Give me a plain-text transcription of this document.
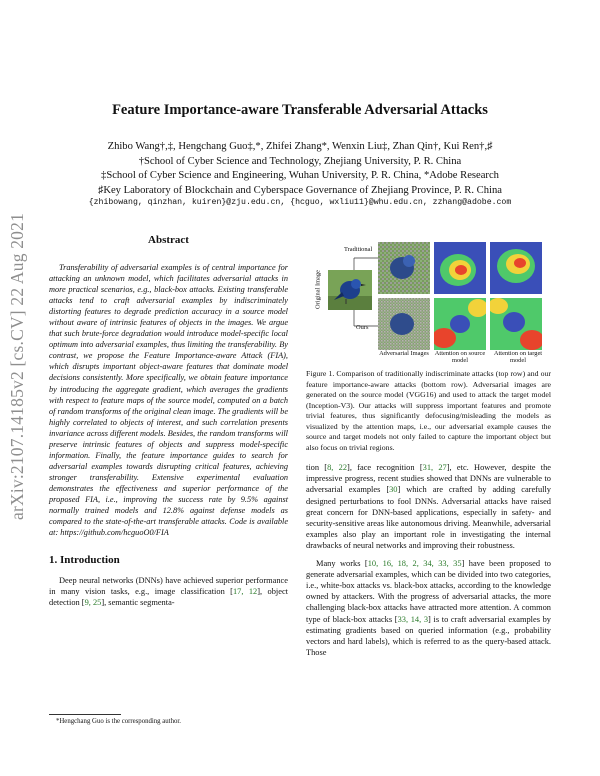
arXiv:2107.14185v2 [cs.CV] 22 Aug 2021
Feature Importance-aware Transferable Adversarial Attacks
Zhibo Wang†,‡, Hengchang Guo‡,*, Zhifei Zhang*, Wenxin Liu‡, Zhan Qin†, Kui Ren†,♯
†School of Cyber Science and Technology, Zhejiang University, P. R. China
‡School of Cyber Science and Engineering, Wuhan University, P. R. China, *Adobe Research
♯Key Laboratory of Blockchain and Cyberspace Governance of Zhejiang Province, P. R. China
{zhibowang, qinzhan, kuiren}@zju.edu.cn, {hcguo, wxliu11}@whu.edu.cn, zzhang@adobe.com
Abstract

Transferability of adversarial examples is of central importance for attacking an unknown model, which facilitates adversarial attacks in more practical scenarios, e.g., black-box attacks. Existing transferable attacks tend to craft adversarial examples by indiscriminately distorting features to degrade prediction accuracy in a source model without aware of intrinsic features of objects in the images. We argue that such brute-force degradation would introduce model-specific local optimum into adversarial examples, thus limiting the transferability. By contrast, we propose the Feature Importance-aware Attack (FIA), which disrupts important object-aware features that dominate model decisions consistently. More specifically, we obtain feature importance by introducing the aggregate gradient, which averages the gradients with respect to feature maps of the source model, computed on a batch of random transforms of the original clean image. The gradients will be highly correlated to objects of interest, and such correlation presents invariance across different models. Besides, the random transforms will preserve intrinsic features of objects and suppress model-specific information. Finally, the feature importance guides to search for adversarial examples towards disrupting critical features, achieving stronger transferability. Extensive experimental evaluation demonstrates the effectiveness and superior performance of the proposed FIA, i.e., improving the success rate by 9.5% against normally trained models and 12.8% against defense models as compared to the state-of-the-art transferable attacks. Code is available at: https://github.com/hcguoO0/FIA

1. Introduction

Deep neural networks (DNNs) have achieved superior performance in many vision tasks, e.g., image classification [17, 12], object detection [9, 25], semantic segmenta-

*Hengchang Guo is the corresponding author.
Traditional
Ours
Original Image
Adversarial Images Attention on source model
Attention on target model

Figure 1. Comparison of traditionally indiscriminate attacks (top row) and our feature importance-aware attacks (bottom row). Adversarial images are generated on the source model (VGG16) and used to attack the target model (Inception-V3). Our attacks will suppress important features and promote trivial features, thus significantly defocusing/misleading the models as visualized by the attention maps, i.e., our adversarial example causes the source and target models not only failed to capture the important object but also focus on trivial regions.

tion [8, 22], face recognition [31, 27], etc. However, despite the impressive progress, recent studies showed that DNNs are vulnerable to adversarial examples [30] which are crafted by adding carefully designed perturbations to fool DNNs. Adversarial attacks have raised great concern for DNN-based applications, especially in safety- and security-sensitive areas like autonomous driving. Meanwhile, adversarial examples also play an important role in investigating the internal drawbacks of neural networks and improving their robustness.

Many works [10, 16, 18, 2, 34, 33, 35] have been proposed to generate adversarial examples, which can be divided into two categories, i.e., white-box attacks vs. black-box attacks, according to the knowledge owned by attackers. With the progress of adversarial attacks, the more challenging black-box attacks have attracted more attention. A common type of black-box attacks [33, 14, 3] is to craft adversarial examples by estimating gradients based on queried information (e.g., probability vectors and hard labels), which is referred to as the query-based attack. Those
